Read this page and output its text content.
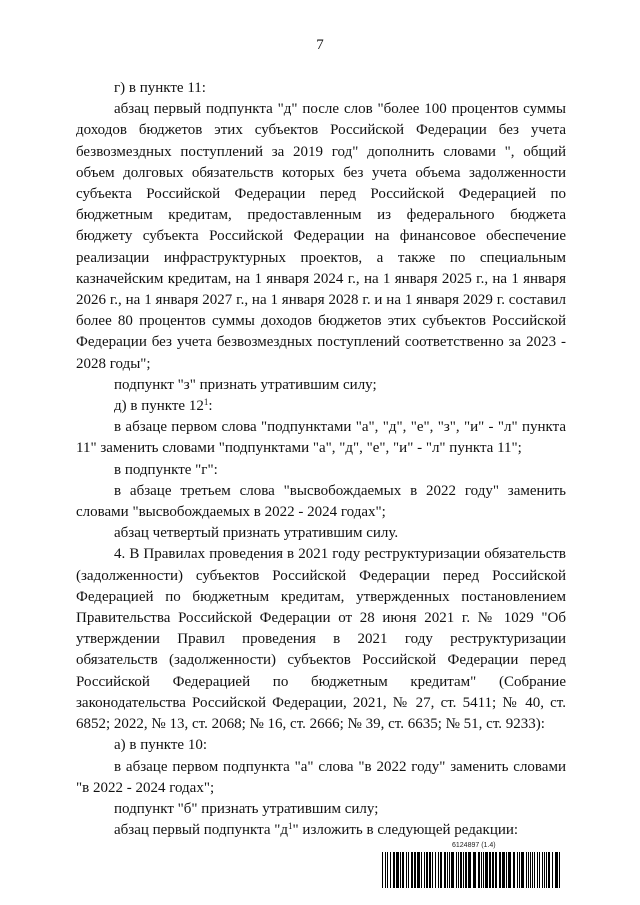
7

г) в пункте 11:

абзац первый подпункта "д" после слов "более 100 процентов суммы доходов бюджетов этих субъектов Российской Федерации без учета безвозмездных поступлений за 2019 год" дополнить словами ", общий объем долговых обязательств которых без учета объема задолженности субъекта Российской Федерации перед Российской Федерацией по бюджетным кредитам, предоставленным из федерального бюджета бюджету субъекта Российской Федерации на финансовое обеспечение реализации инфраструктурных проектов, а также по специальным казначейским кредитам, на 1 января 2024 г., на 1 января 2025 г., на 1 января 2026 г., на 1 января 2027 г., на 1 января 2028 г. и на 1 января 2029 г. составил более 80 процентов суммы доходов бюджетов этих субъектов Российской Федерации без учета безвозмездных поступлений соответственно за 2023 - 2028 годы";

подпункт "з" признать утратившим силу;

д) в пункте $12^1$:

в абзаце первом слова "подпунктами "а", "д", "е", "з", "и" - "л" пункта 11" заменить словами "подпунктами "а", "д", "е", "и" - "л" пункта 11";

в подпункте "г":

в абзаце третьем слова "высвобождаемых в 2022 году" заменить словами "высвобождаемых в 2022 - 2024 годах";

абзац четвертый признать утратившим силу.

4. В Правилах проведения в 2021 году реструктуризации обязательств (задолженности) субъектов Российской Федерации перед Российской Федерацией по бюджетным кредитам, утвержденных постановлением Правительства Российской Федерации от 28 июня 2021 г. № 1029 "Об утверждении Правил проведения в 2021 году реструктуризации обязательств (задолженности) субъектов Российской Федерации перед Российской Федерацией по бюджетным кредитам" (Собрание законодательства Российской Федерации, 2021, № 27, ст. 5411; № 40, ст. 6852; 2022, № 13, ст. 2068; № 16, ст. 2666; № 39, ст. 6635; № 51, ст. 9233):

а) в пункте 10:

в абзаце первом подпункта "а" слова "в 2022 году" заменить словами "в 2022 - 2024 годах";

подпункт "б" признать утратившим силу;

абзац первый подпункта "$д^1$" изложить в следующей редакции:

6124897 (1.4)
